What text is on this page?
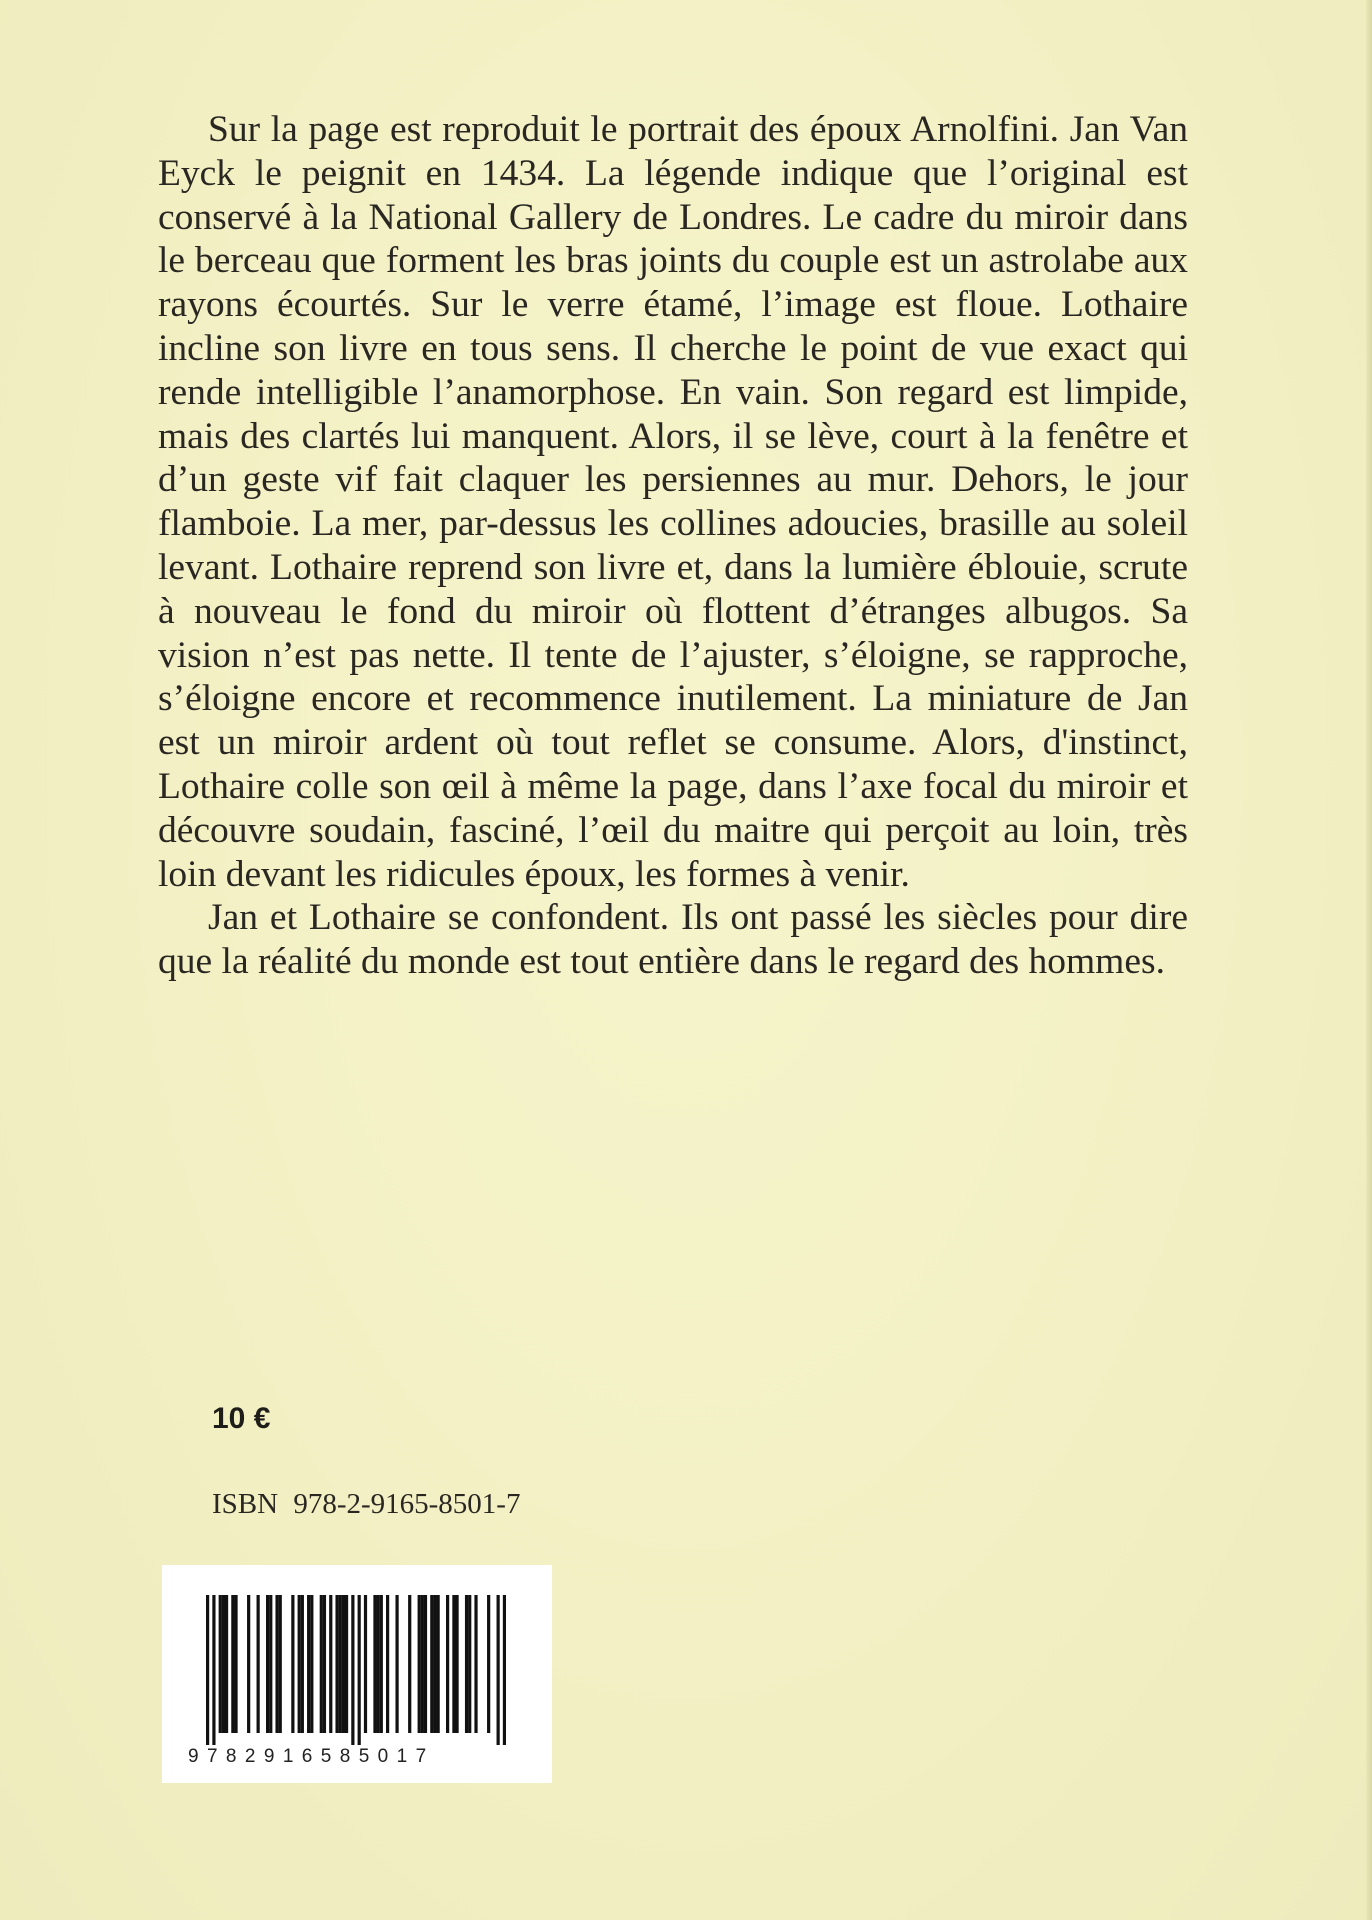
Sur la page est reproduit le portrait des époux Arnolfini. Jan Van Eyck le peignit en 1434. La légende indique que l’original est conservé à la National Gallery de Londres. Le cadre du miroir dans le berceau que forment les bras joints du couple est un astrolabe aux rayons écourtés. Sur le verre étamé, l’image est floue. Lothaire incline son livre en tous sens. Il cherche le point de vue exact qui rende intelligible l’anamorphose. En vain. Son regard est limpide, mais des clartés lui manquent. Alors, il se lève, court à la fenêtre et d’un geste vif fait claquer les persiennes au mur. Dehors, le jour flamboie. La mer, par-dessus les collines adoucies, brasille au soleil levant. Lothaire reprend son livre et, dans la lumière éblouie, scrute à nouveau le fond du miroir où flottent d’étranges albugos. Sa vision n’est pas nette. Il tente de l’ajuster, s’éloigne, se rapproche, s’éloigne encore et recommence inutilement. La miniature de Jan est un miroir ardent où tout reflet se consume. Alors, d'instinct, Lothaire colle son œil à même la page, dans l’axe focal du miroir et découvre soudain, fasciné, l’œil du maitre qui perçoit au loin, très loin devant les ridicules époux, les formes à venir.

Jan et Lothaire se confondent. Ils ont passé les siècles pour dire que la réalité du monde est tout entière dans le regard des hommes.

10 €
ISBN 978-2-9165-8501-7
9782916585017
